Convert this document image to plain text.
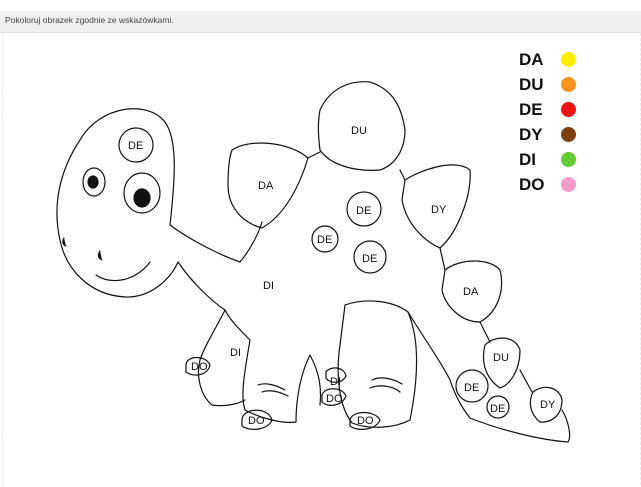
Pokoloruj obrazek zgodnie ze wskazówkami.
DE
DA
DU
DY
DA
DU
DY
DE
DE
DE
DE
DE
DI
DI
DI
DO
DO
DO
DO
DA
DU
DE
DY
DI
DO
